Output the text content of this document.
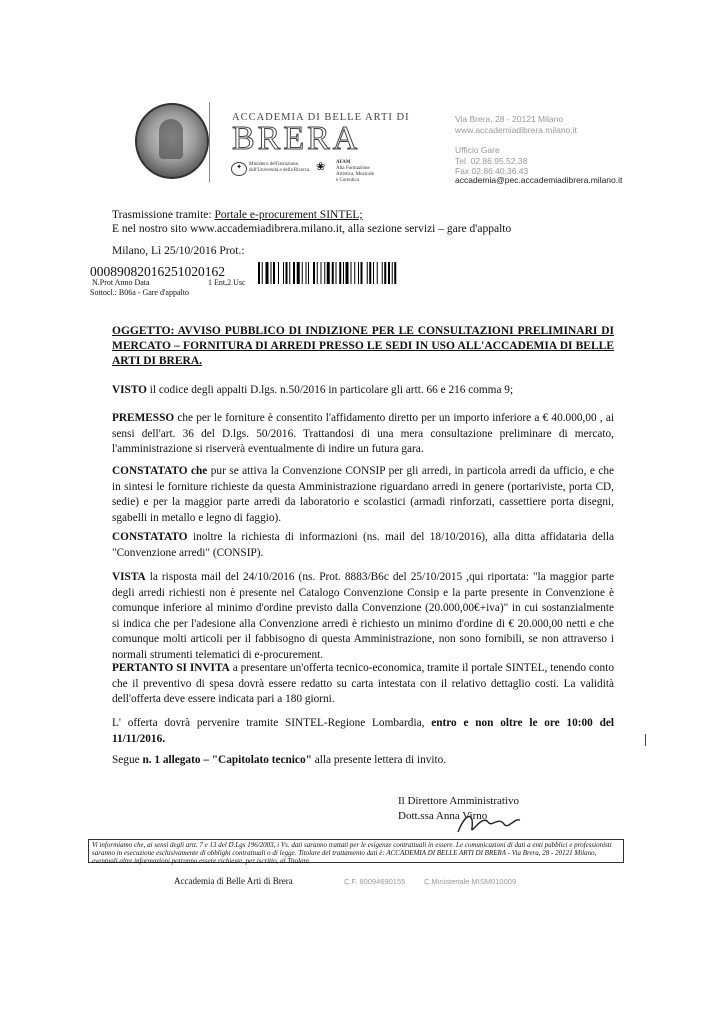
ACCADEMIA DI BELLE ARTI DI
BRERA
✦	Ministero dell'istruzione, dell'Università e della Ricerca ❀	AFAM
Alta Formazione Artistica, Musicale e Coreutica
Via Brera, 28 - 20121 Milano
www.accademiadibrera.milano.it
Ufficio Gare
Tel. 02.86.95.52.38
Fax 02.86.40.36.43
accademia@pec.accademiadibrera.milano.it
Trasmissione tramite: Portale e-procurement SINTEL;
E nel nostro sito www.accademiadibrera.milano.it, alla sezione servizi – gare d'appalto
Milano, Lì 25/10/2016 Prot.:
00089082016251020162
N.Prot Anno Data	1 Ent,2 Usc
Sottocl.: B06a - Gare d'appalto
OGGETTO: AVVISO PUBBLICO DI INDIZIONE PER LE CONSULTAZIONI PRELIMINARI DI MERCATO – FORNITURA DI ARREDI PRESSO LE SEDI IN USO ALL'ACCADEMIA DI BELLE ARTI DI BRERA.
VISTO il codice degli appalti D.lgs. n.50/2016 in particolare gli artt. 66 e 216 comma 9;
PREMESSO che per le forniture è consentito l'affidamento diretto per un importo inferiore a € 40.000,00 , ai sensi dell'art. 36 del D.lgs. 50/2016. Trattandosi di una mera consultazione preliminare di mercato, l'amministrazione si riserverà eventualmente di indire un futura gara.
CONSTATATO che pur se attiva la Convenzione CONSIP per gli arredi, in particola arredi da ufficio, e che in sintesi le forniture richieste da questa Amministrazione riguardano arredi in genere (portariviste, porta CD, sedie) e per la maggior parte arredi da laboratorio e scolastici (armadi rinforzati, cassettiere porta disegni, sgabelli in metallo e legno di faggio).
CONSTATATO inoltre la richiesta di informazioni (ns. mail del 18/10/2016), alla ditta affidataria della "Convenzione arredi" (CONSIP).
VISTA la risposta mail del 24/10/2016 (ns. Prot. 8883/B6c del 25/10/2015 ,qui riportata: "la maggior parte degli arredi richiesti non è presente nel Catalogo Convenzione Consip e la parte presente in Convenzione è comunque inferiore al minimo d'ordine previsto dalla Convenzione (20.000,00€+iva)" in cui sostanzialmente si indica che per l'adesione alla Convenzione arredi è richiesto un minimo d'ordine di € 20.000,00 netti e che comunque molti articoli per il fabbisogno di questa Amministrazione, non sono fornibili, se non attraverso i normali strumenti telematici di e-procurement.
PERTANTO SI INVITA a presentare un'offerta tecnico-economica, tramite il portale SINTEL, tenendo conto che il preventivo di spesa dovrà essere redatto su carta intestata con il relativo dettaglio costi. La validità dell'offerta deve essere indicata pari a 180 giorni.
L' offerta dovrà pervenire tramite SINTEL-Regione Lombardia, entro e non oltre le ore 10:00 del 11/11/2016.
Segue n. 1 allegato – "Capitolato tecnico" alla presente lettera di invito.
Il Direttore Amministrativo
Dott.ssa Anna Virno
Vi informiamo che, ai sensi degli artt. 7 e 13 del D.Lgs 196/2003, i Vs. dati saranno trattati per le esigenze contrattuali in essere. Le comunicazioni di dati a enti pubblici e professionisti saranno in esecuzione esclusivamente di obblighi contrattuali o di legge. Titolare del trattamento dati è: ACCADEMIA DI BELLE ARTI DI BRERA - Via Brera, 28 - 20121 Milano, eventuali altre informazioni potranno essere richieste, per iscritto, al Titolare.
Accademia di Belle Arti di Brera	C.F. 80094690155 C.Ministeriale MISM010009
